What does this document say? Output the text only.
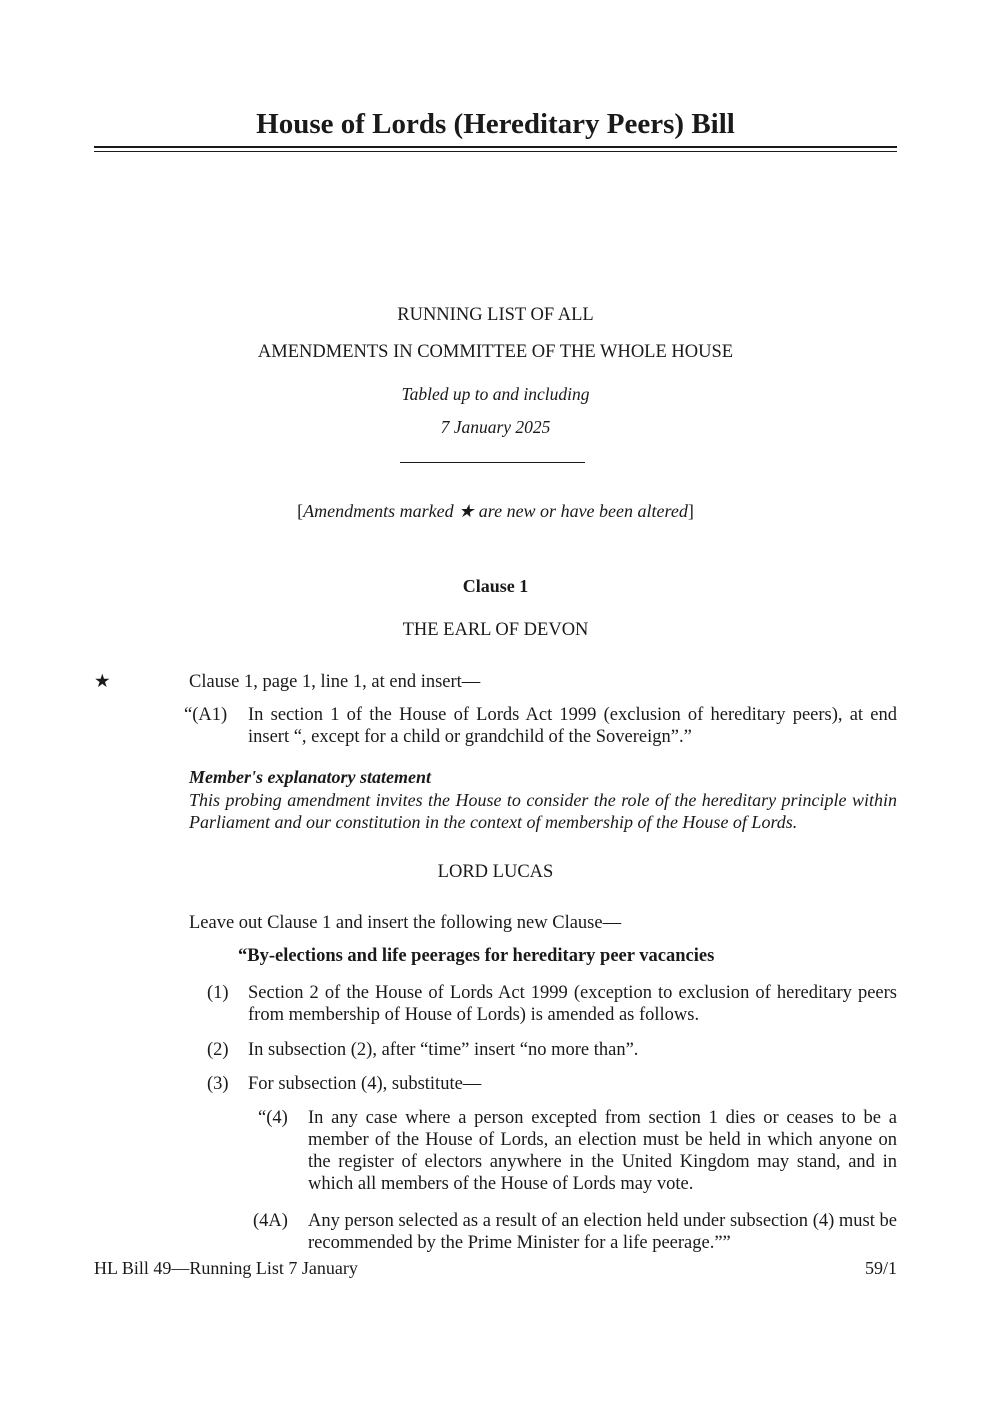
House of Lords (Hereditary Peers) Bill
RUNNING LIST OF ALL
AMENDMENTS IN COMMITTEE OF THE WHOLE HOUSE
Tabled up to and including
7 January 2025
[Amendments marked ★ are new or have been altered]
Clause 1
THE EARL OF DEVON
★	Clause 1, page 1, line 1, at end insert—
“(A1) In section 1 of the House of Lords Act 1999 (exclusion of hereditary peers), at end insert “, except for a child or grandchild of the Sovereign”.”
Member's explanatory statement
This probing amendment invites the House to consider the role of the hereditary principle within Parliament and our constitution in the context of membership of the House of Lords.
LORD LUCAS
Leave out Clause 1 and insert the following new Clause—
“By-elections and life peerages for hereditary peer vacancies
(1) Section 2 of the House of Lords Act 1999 (exception to exclusion of hereditary peers from membership of House of Lords) is amended as follows.
(2) In subsection (2), after “time” insert “no more than”.
(3) For subsection (4), substitute—
“(4) In any case where a person excepted from section 1 dies or ceases to be a member of the House of Lords, an election must be held in which anyone on the register of electors anywhere in the United Kingdom may stand, and in which all members of the House of Lords may vote.
(4A) Any person selected as a result of an election held under subsection (4) must be recommended by the Prime Minister for a life peerage.””
HL Bill 49—Running List 7 January	59/1
